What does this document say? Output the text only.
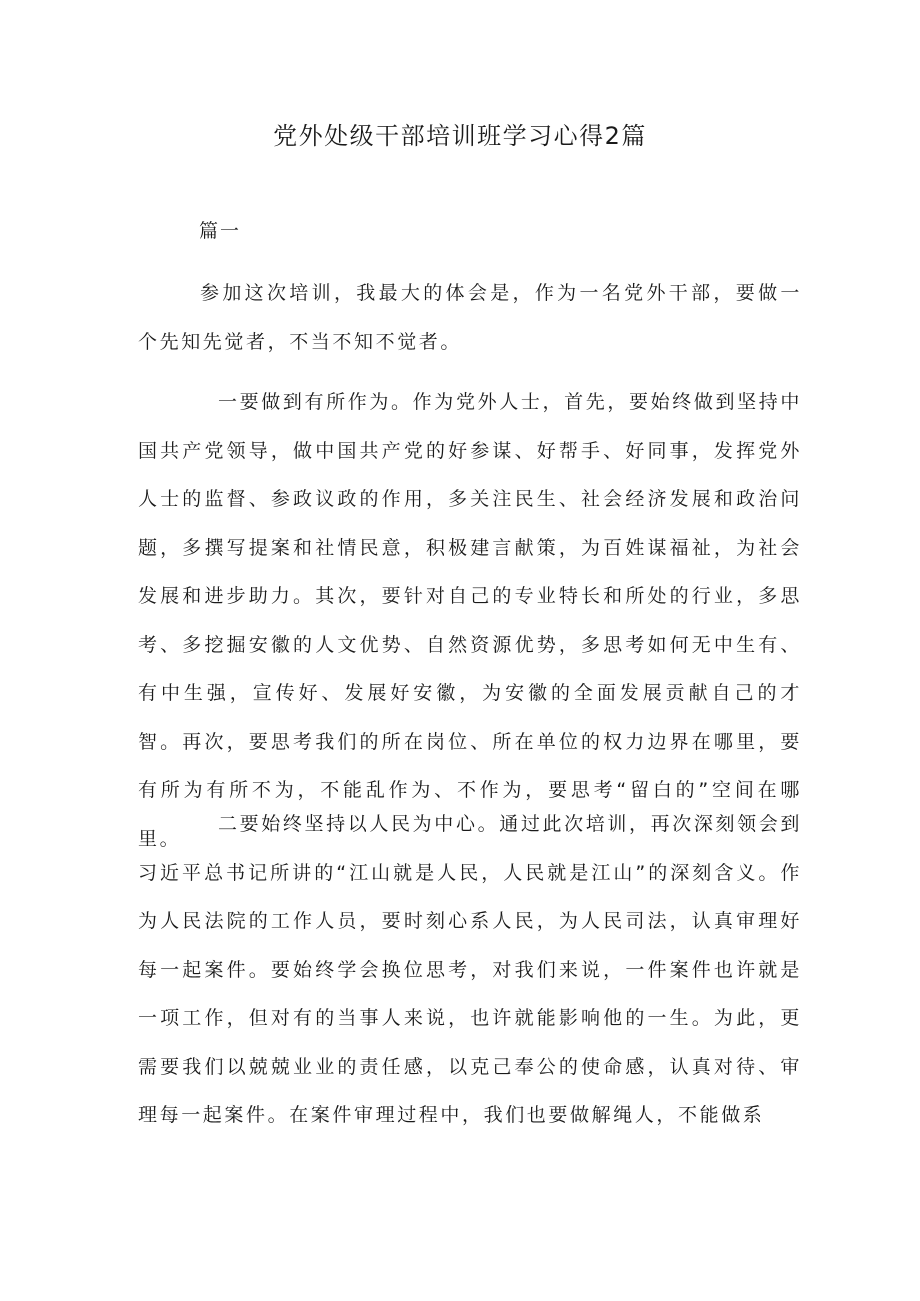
党外处级干部培训班学习心得2篇
篇一

参加这次培训，我最大的体会是，作为一名党外干部，要做一个先知先觉者，不当不知不觉者。

一要做到有所作为。作为党外人士，首先，要始终做到坚持中国共产党领导，做中国共产党的好参谋、好帮手、好同事，发挥党外人士的监督、参政议政的作用，多关注民生、社会经济发展和政治问题，多撰写提案和社情民意，积极建言献策，为百姓谋福祉，为社会发展和进步助力。其次，要针对自己的专业特长和所处的行业，多思考、多挖掘安徽的人文优势、自然资源优势，多思考如何无中生有、有中生强，宣传好、发展好安徽，为安徽的全面发展贡献自己的才智。再次，要思考我们的所在岗位、所在单位的权力边界在哪里，要有所为有所不为，不能乱作为、不作为，要思考“留白的”空间在哪里。

二要始终坚持以人民为中心。通过此次培训，再次深刻领会到习近平总书记所讲的“江山就是人民，人民就是江山”的深刻含义。作为人民法院的工作人员，要时刻心系人民，为人民司法，认真审理好每一起案件。要始终学会换位思考，对我们来说，一件案件也许就是一项工作，但对有的当事人来说，也许就能影响他的一生。为此，更需要我们以兢兢业业的责任感，以克己奉公的使命感，认真对待、审理每一起案件。在案件审理过程中，我们也要做解绳人，不能做系
